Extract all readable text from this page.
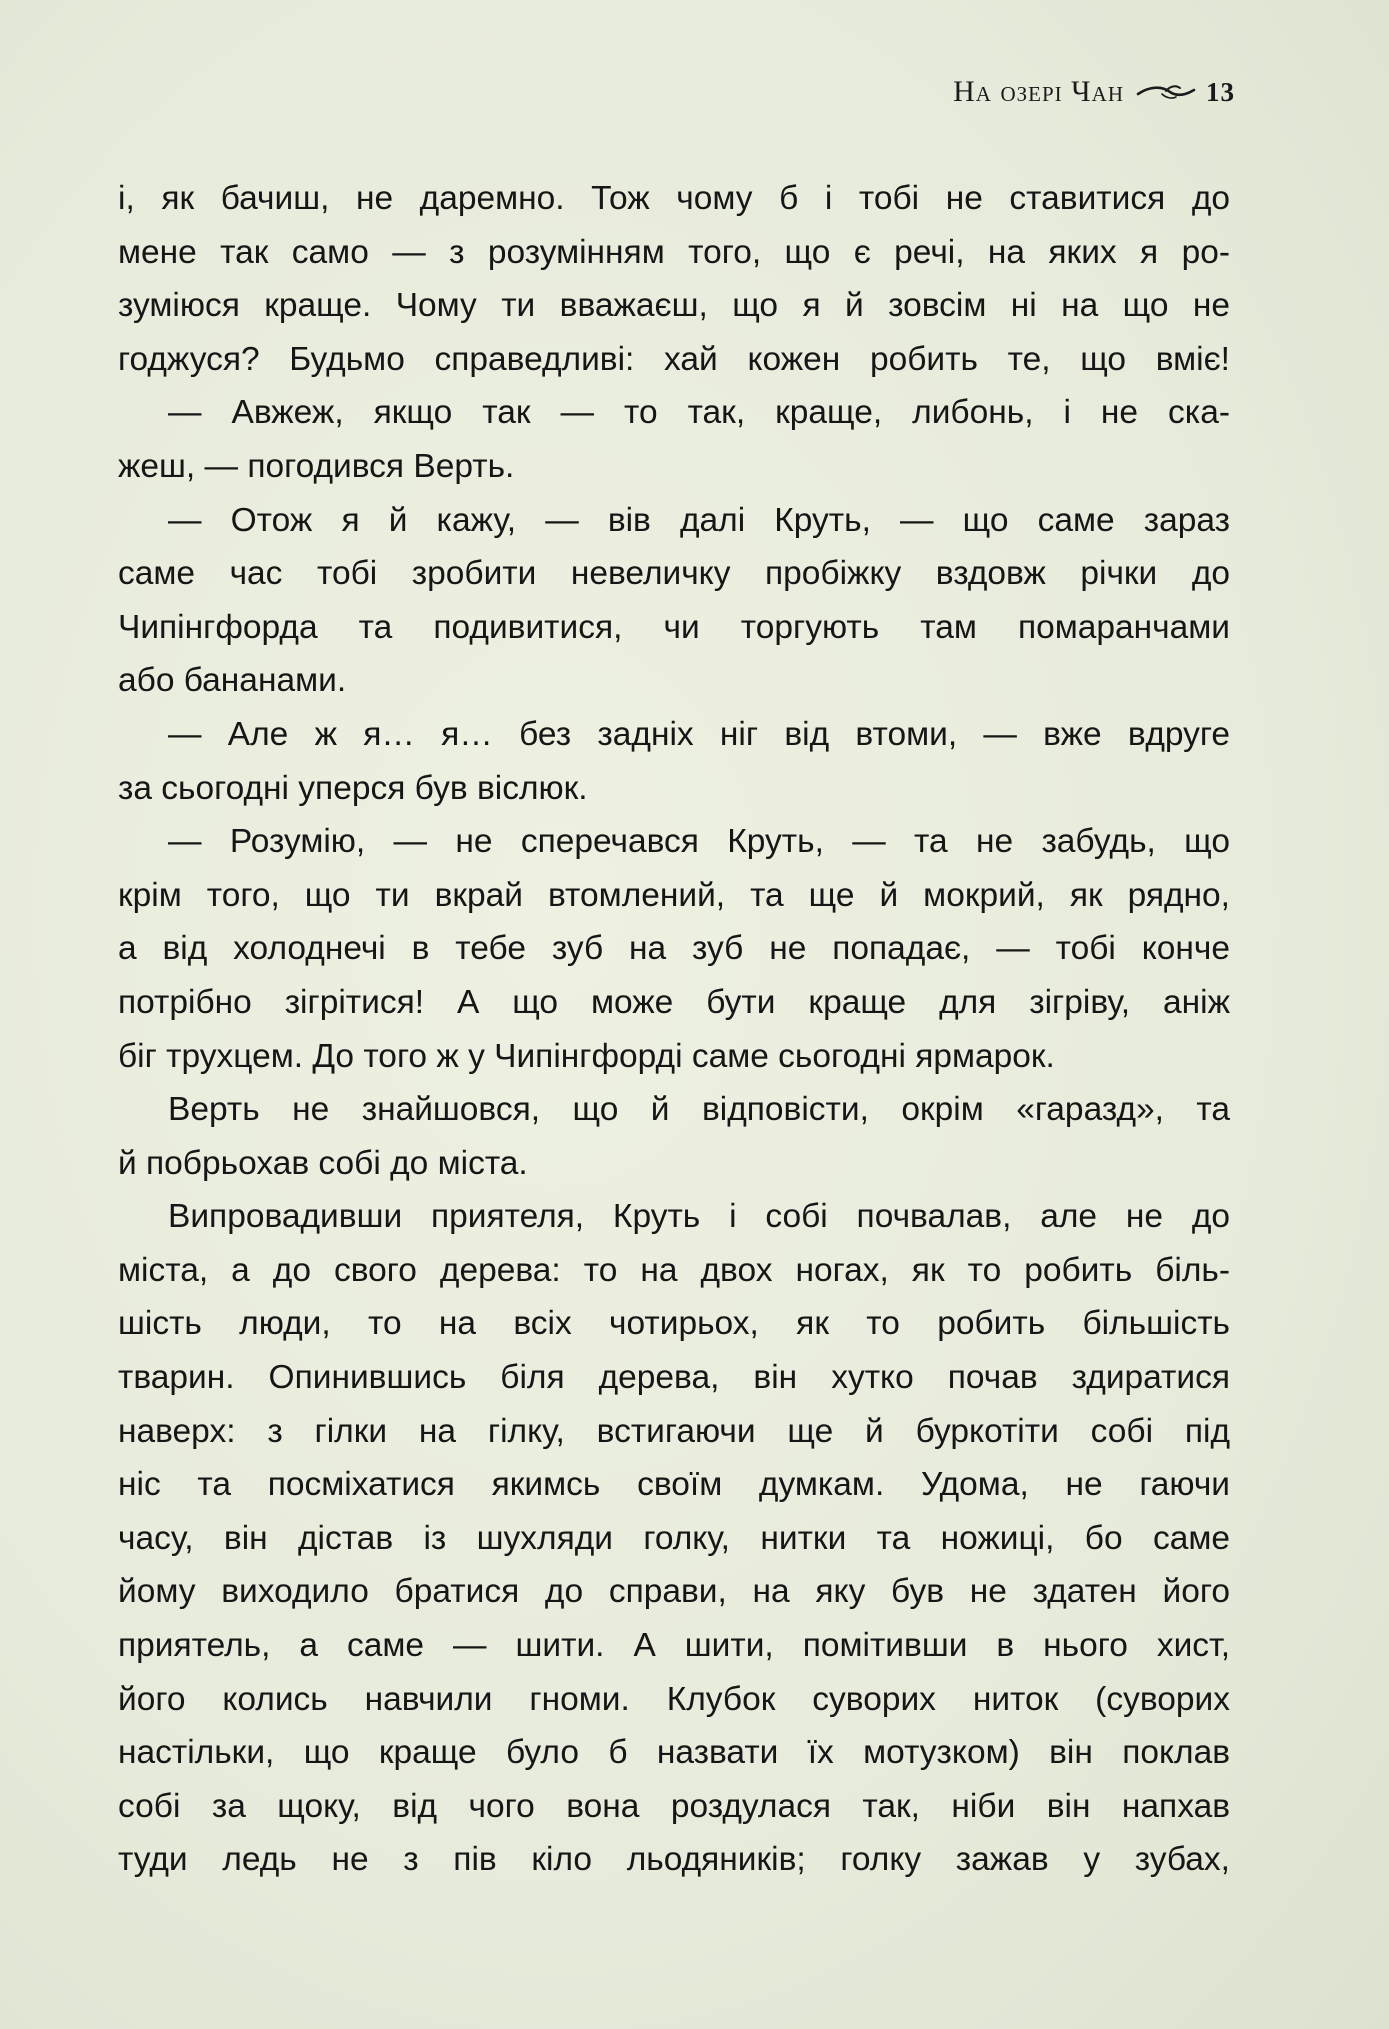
На озері Чан	13
і, як бачиш, не даремно. Тож чому б і тобі не ставитися до
мене так само — з розумінням того, що є речі, на яких я ро-
зуміюся краще. Чому ти вважаєш, що я й зовсім ні на що не
годжуся? Будьмо справедливі: хай кожен робить те, що вміє!
— Авжеж, якщо так — то так, краще, либонь, і не ска-
жеш, — погодився Верть.
— Отож я й кажу, — вів далі Круть, — що саме зараз
саме час тобі зробити невеличку пробіжку вздовж річки до
Чипінгфорда та подивитися, чи торгують там помаранчами
або бананами.
— Але ж я… я… без задніх ніг від втоми, — вже вдруге
за сьогодні уперся був віслюк.
— Розумію, — не сперечався Круть, — та не забудь, що
крім того, що ти вкрай втомлений, та ще й мокрий, як рядно,
а від холоднечі в тебе зуб на зуб не попадає, — тобі конче
потрібно зігрітися! А що може бути краще для зігріву, аніж
біг трухцем. До того ж у Чипінгфорді саме сьогодні ярмарок.
Верть не знайшовся, що й відповісти, окрім «гаразд», та
й побрьохав собі до міста.
Випровадивши приятеля, Круть і собі почвалав, але не до
міста, а до свого дерева: то на двох ногах, як то робить біль-
шість люди, то на всіх чотирьох, як то робить більшість
тварин. Опинившись біля дерева, він хутко почав здиратися
наверх: з гілки на гілку, встигаючи ще й буркотіти собі під
ніс та посміхатися якимсь своїм думкам. Удома, не гаючи
часу, він дістав із шухляди голку, нитки та ножиці, бо саме
йому виходило братися до справи, на яку був не здатен його
приятель, а саме — шити. А шити, помітивши в нього хист,
його колись навчили гноми. Клубок суворих ниток (суворих
настільки, що краще було б назвати їх мотузком) він поклав
собі за щоку, від чого вона роздулася так, ніби він напхав
туди ледь не з пів кіло льодяників; голку зажав у зубах,
